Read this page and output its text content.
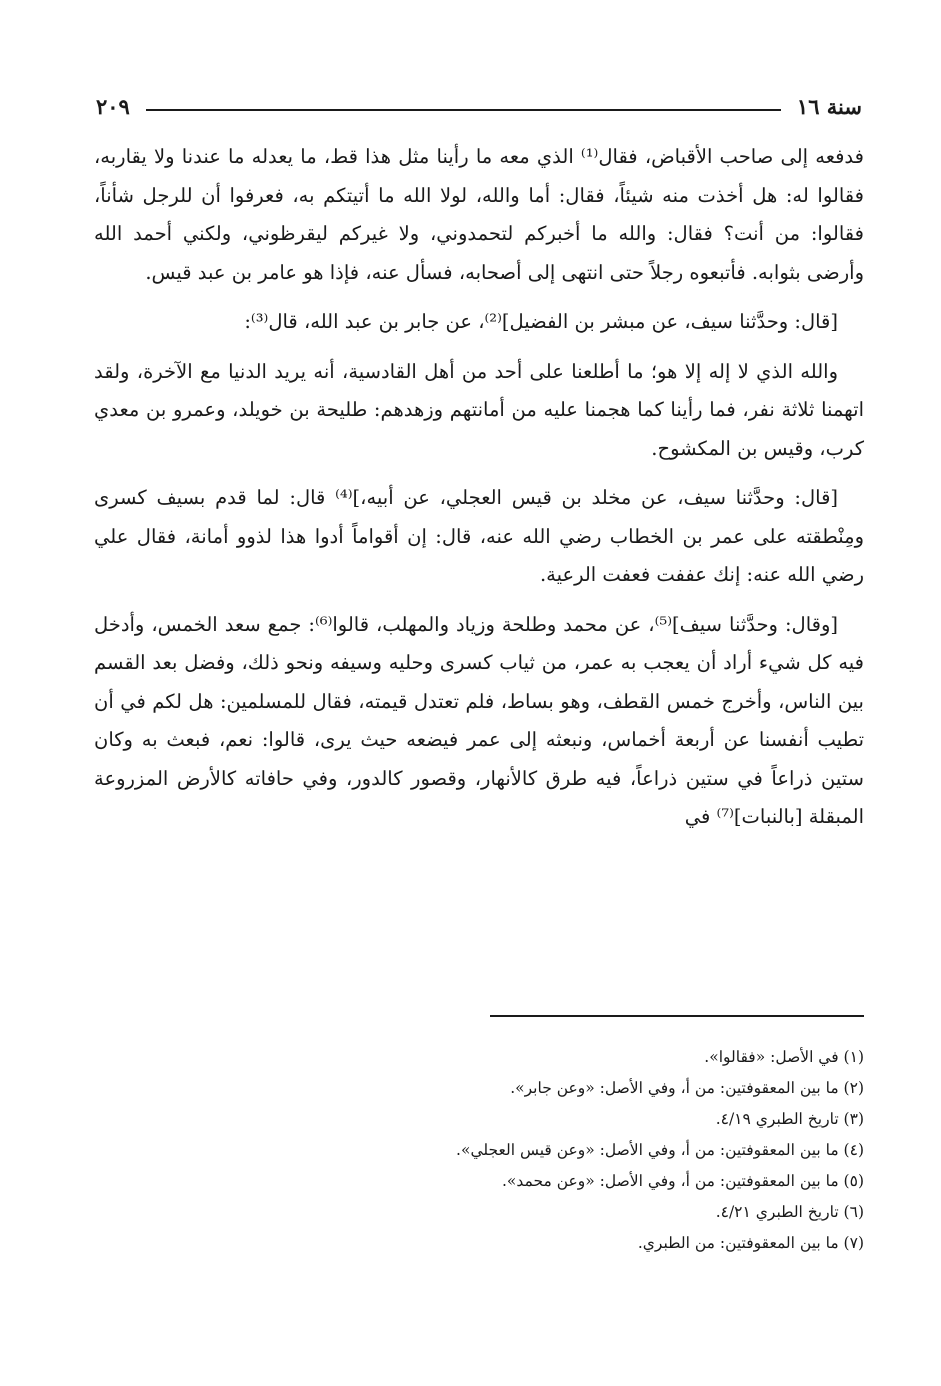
سنة ١٦
٢٠٩

فدفعه إلى صاحب الأقباض، فقال⁽¹⁾ الذي معه ما رأينا مثل هذا قط، ما يعدله ما عندنا ولا يقاربه، فقالوا له: هل أخذت منه شيئاً، فقال: أما والله، لولا الله ما أتيتكم به، فعرفوا أن للرجل شأناً، فقالوا: من أنت؟ فقال: والله ما أخبركم لتحمدوني، ولا غيركم ليقرظوني، ولكني أحمد الله وأرضى بثوابه. فأتبعوه رجلاً حتى انتهى إلى أصحابه، فسأل عنه، فإذا هو عامر بن عبد قيس.

[قال: وحدَّثنا سيف، عن مبشر بن الفضيل]⁽²⁾، عن جابر بن عبد الله، قال⁽³⁾:

والله الذي لا إله إلا هو؛ ما أطلعنا على أحد من أهل القادسية، أنه يريد الدنيا مع الآخرة، ولقد اتهمنا ثلاثة نفر، فما رأينا كما هجمنا عليه من أمانتهم وزهدهم: طليحة بن خويلد، وعمرو بن معدي كرب، وقيس بن المكشوح.

[قال: وحدَّثنا سيف، عن مخلد بن قيس العجلي، عن أبيه،]⁽⁴⁾ قال: لما قدم بسيف كسرى ومِنْطقته على عمر بن الخطاب رضي الله عنه، قال: إن أقواماً أدوا هذا لذوو أمانة، فقال علي رضي الله عنه: إنك عففت فعفت الرعية.

[وقال: وحدَّثنا سيف]⁽⁵⁾، عن محمد وطلحة وزياد والمهلب، قالوا⁽⁶⁾: جمع سعد الخمس، وأدخل فيه كل شيء أراد أن يعجب به عمر، من ثياب كسرى وحليه وسيفه ونحو ذلك، وفضل بعد القسم بين الناس، وأخرج خمس القطف، وهو بساط، فلم تعتدل قيمته، فقال للمسلمين: هل لكم في أن تطيب أنفسنا عن أربعة أخماس، ونبعثه إلى عمر فيضعه حيث يرى، قالوا: نعم، فبعث به وكان ستين ذراعاً في ستين ذراعاً، فيه طرق كالأنهار، وقصور كالدور، وفي حافاته كالأرض المزروعة المبقلة [بالنبات]⁽⁷⁾ في

(١) في الأصل: «فقالوا».
(٢) ما بين المعقوفتين: من أ، وفي الأصل: «وعن جابر».
(٣) تاريخ الطبري ٤/١٩.
(٤) ما بين المعقوفتين: من أ، وفي الأصل: «وعن قيس العجلي».
(٥) ما بين المعقوفتين: من أ، وفي الأصل: «وعن محمد».
(٦) تاريخ الطبري ٤/٢١.
(٧) ما بين المعقوفتين: من الطبري.
